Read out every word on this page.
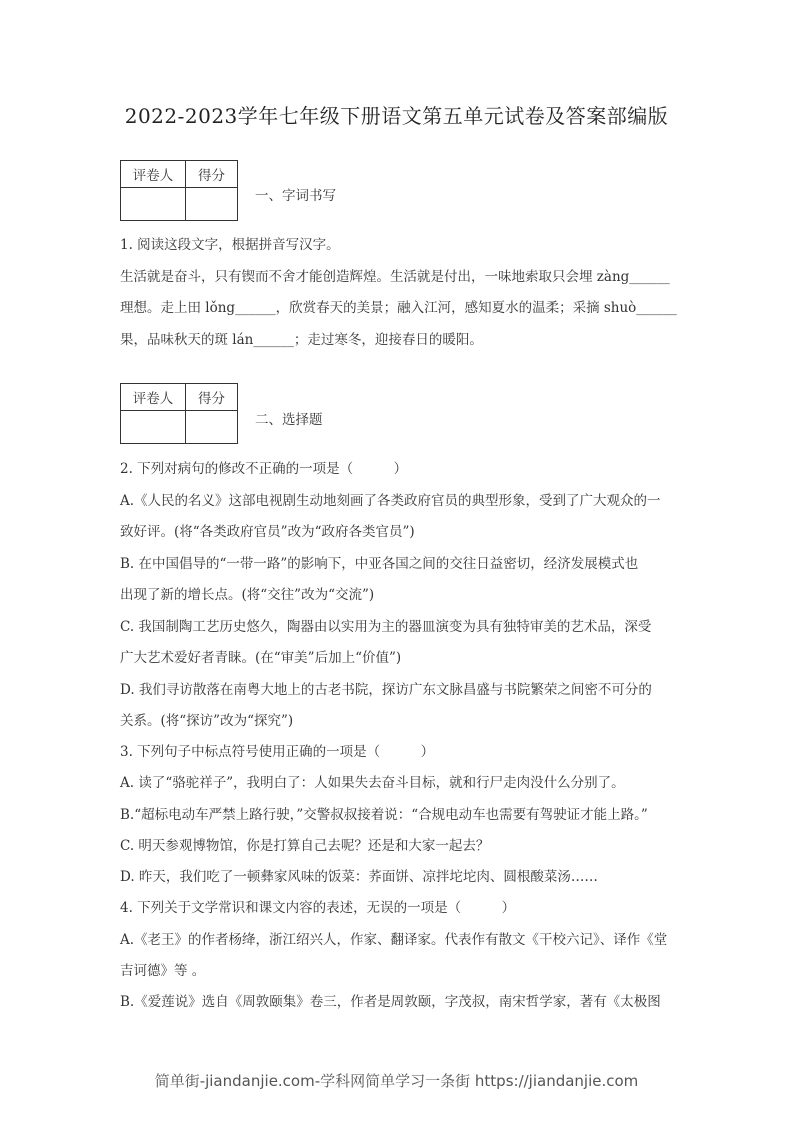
2022-2023学年七年级下册语文第五单元试卷及答案部编版
评卷人	得分

一、字词书写
1. 阅读这段文字，根据拼音写汉字。
生活就是奋斗，只有锲而不舍才能创造辉煌。生活就是付出，一味地索取只会埋 zàng______
理想。走上田 lǒng______，欣赏春天的美景；融入江河，感知夏水的温柔；采摘 shuò______
果，品味秋天的斑 lán______；走过寒冬，迎接春日的暖阳。
评卷人	得分

二、选择题
2. 下列对病句的修改不正确的一项是（　　　）
A.《人民的名义》这部电视剧生动地刻画了各类政府官员的典型形象，受到了广大观众的一
致好评。(将“各类政府官员”改为“政府各类官员”)
B. 在中国倡导的“一带一路”的影响下，中亚各国之间的交往日益密切，经济发展模式也
出现了新的增长点。(将“交往”改为“交流”)
C. 我国制陶工艺历史悠久，陶器由以实用为主的器皿演变为具有独特审美的艺术品，深受
广大艺术爱好者青睐。(在“审美”后加上“价值”)
D. 我们寻访散落在南粤大地上的古老书院，探访广东文脉昌盛与书院繁荣之间密不可分的
关系。(将“探访”改为“探究”)
3. 下列句子中标点符号使用正确的一项是（　　　）
A. 读了“骆驼祥子”，我明白了：人如果失去奋斗目标，就和行尸走肉没什么分别了。
B.“超标电动车严禁上路行驶，”交警叔叔接着说：“合规电动车也需要有驾驶证才能上路。”
C. 明天参观博物馆，你是打算自己去呢？还是和大家一起去？
D. 昨天，我们吃了一顿彝家风味的饭菜：荞面饼、凉拌坨坨肉、圆根酸菜汤……
4. 下列关于文学常识和课文内容的表述，无误的一项是（　　　）
A.《老王》的作者杨绛，浙江绍兴人，作家、翻译家。代表作有散文《干校六记》、译作《堂
吉诃德》等 。
B.《爱莲说》选自《周敦颐集》卷三，作者是周敦颐，字茂叔，南宋哲学家，著有《太极图
简单街-jiandanjie.com-学科网简单学习一条街 https://jiandanjie.com
